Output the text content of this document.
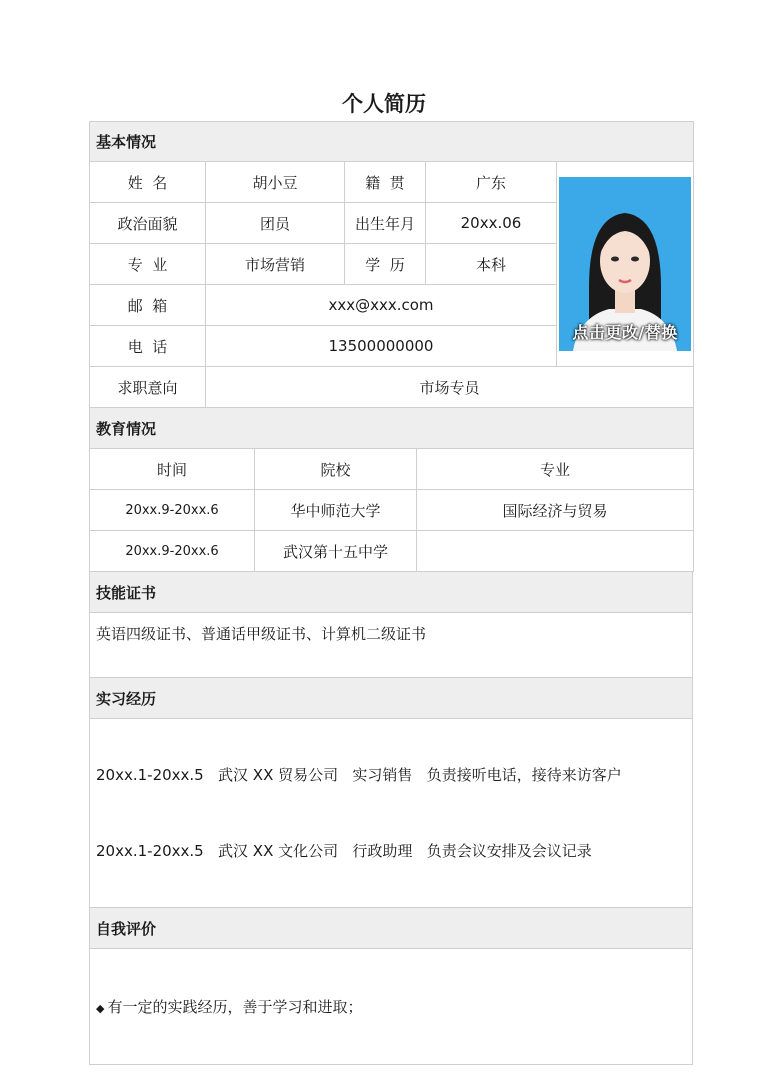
个人简历
基本情况				
姓  名	胡小豆	籍  贯	广东	点击更改/替换

政治面貌	团员	出生年月	20xx.06	
专  业	市场营销	学  历	本科	
邮  箱	xxx@xxx.com			
电  话	13500000000			
求职意向	市场专员			
教育情况		
时间	院校	专业
20xx.9-20xx.6	华中师范大学	国际经济与贸易
20xx.9-20xx.6	武汉第十五中学	
技能证书
英语四级证书、普通话甲级证书、计算机二级证书
实习经历

20xx.1-20xx.5   武汉 XX 贸易公司   实习销售   负责接听电话，接待来访客户

20xx.1-20xx.5   武汉 XX 文化公司   行政助理   负责会议安排及会议记录

自我评价
◆ 有一定的实践经历，善于学习和进取；
